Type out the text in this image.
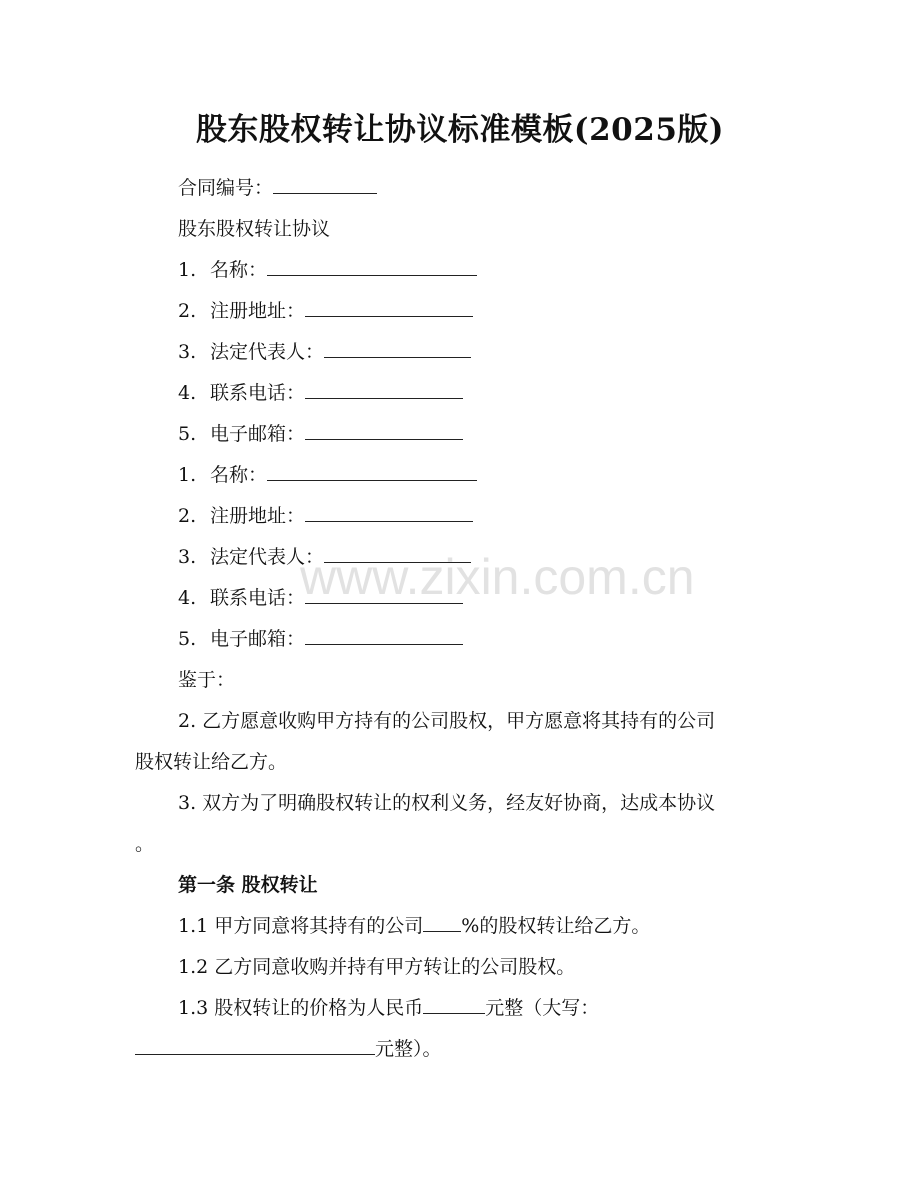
股东股权转让协议标准模板(2025版)
合同编号：
股东股权转让协议
1. 名称：
2. 注册地址：
3. 法定代表人：
4. 联系电话：
5. 电子邮箱：
1. 名称：
2. 注册地址：
3. 法定代表人：
4. 联系电话：
5. 电子邮箱：
鉴于：
2. 乙方愿意收购甲方持有的公司股权，甲方愿意将其持有的公司
股权转让给乙方。
3. 双方为了明确股权转让的权利义务，经友好协商，达成本协议
。
第一条 股权转让
1.1 甲方同意将其持有的公司 %的股权转让给乙方。
1.2 乙方同意收购并持有甲方转让的公司股权。
1.3 股权转让的价格为人民币	元整（大写：
元整）。
www.zixin.com.cn
